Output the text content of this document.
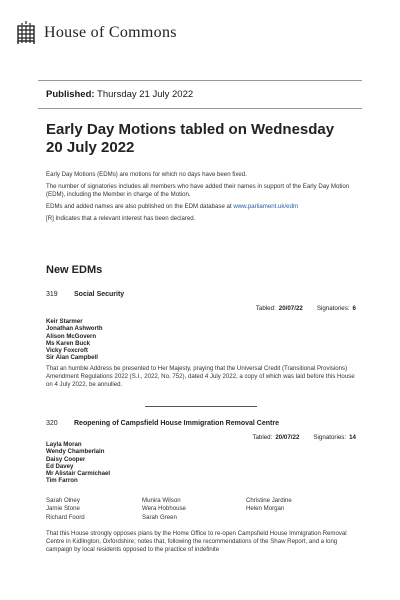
House of Commons
Published: Thursday 21 July 2022
Early Day Motions tabled on Wednesday 20 July 2022

Early Day Motions (EDMs) are motions for which no days have been fixed.

The number of signatories includes all members who have added their names in support of the Early Day Motion (EDM), including the Member in charge of the Motion.

EDMs and added names are also published on the EDM database at www.parliament.uk/edm

[R] Indicates that a relevant interest has been declared.

New EDMs
319	Social Security
Tabled: 20/07/22 Signatories: 6
Keir Starmer
Jonathan Ashworth
Alison McGovern
Ms Karen Buck
Vicky Foxcroft
Sir Alan Campbell
That an humble Address be presented to Her Majesty, praying that the Universal Credit (Transitional Provisions) Amendment Regulations 2022 (S.I., 2022, No. 752), dated 4 July 2022, a copy of which was laid before this House on 4 July 2022, be annulled.
320	Reopening of Campsfield House Immigration Removal Centre
Tabled: 20/07/22 Signatories: 14
Layla Moran
Wendy Chamberlain
Daisy Cooper
Ed Davey
Mr Alistair Carmichael
Tim Farron
Sarah Olney	Munira Wilson	Christine Jardine
Jamie Stone	Wera Hobhouse	Helen Morgan
Richard Foord	Sarah Green
That this House strongly opposes plans by the Home Office to re-open Campsfield House Immigration Removal Centre in Kidlington, Oxfordshire; notes that, following the recommendations of the Shaw Report, and a long campaign by local residents opposed to the practice of indefinite
